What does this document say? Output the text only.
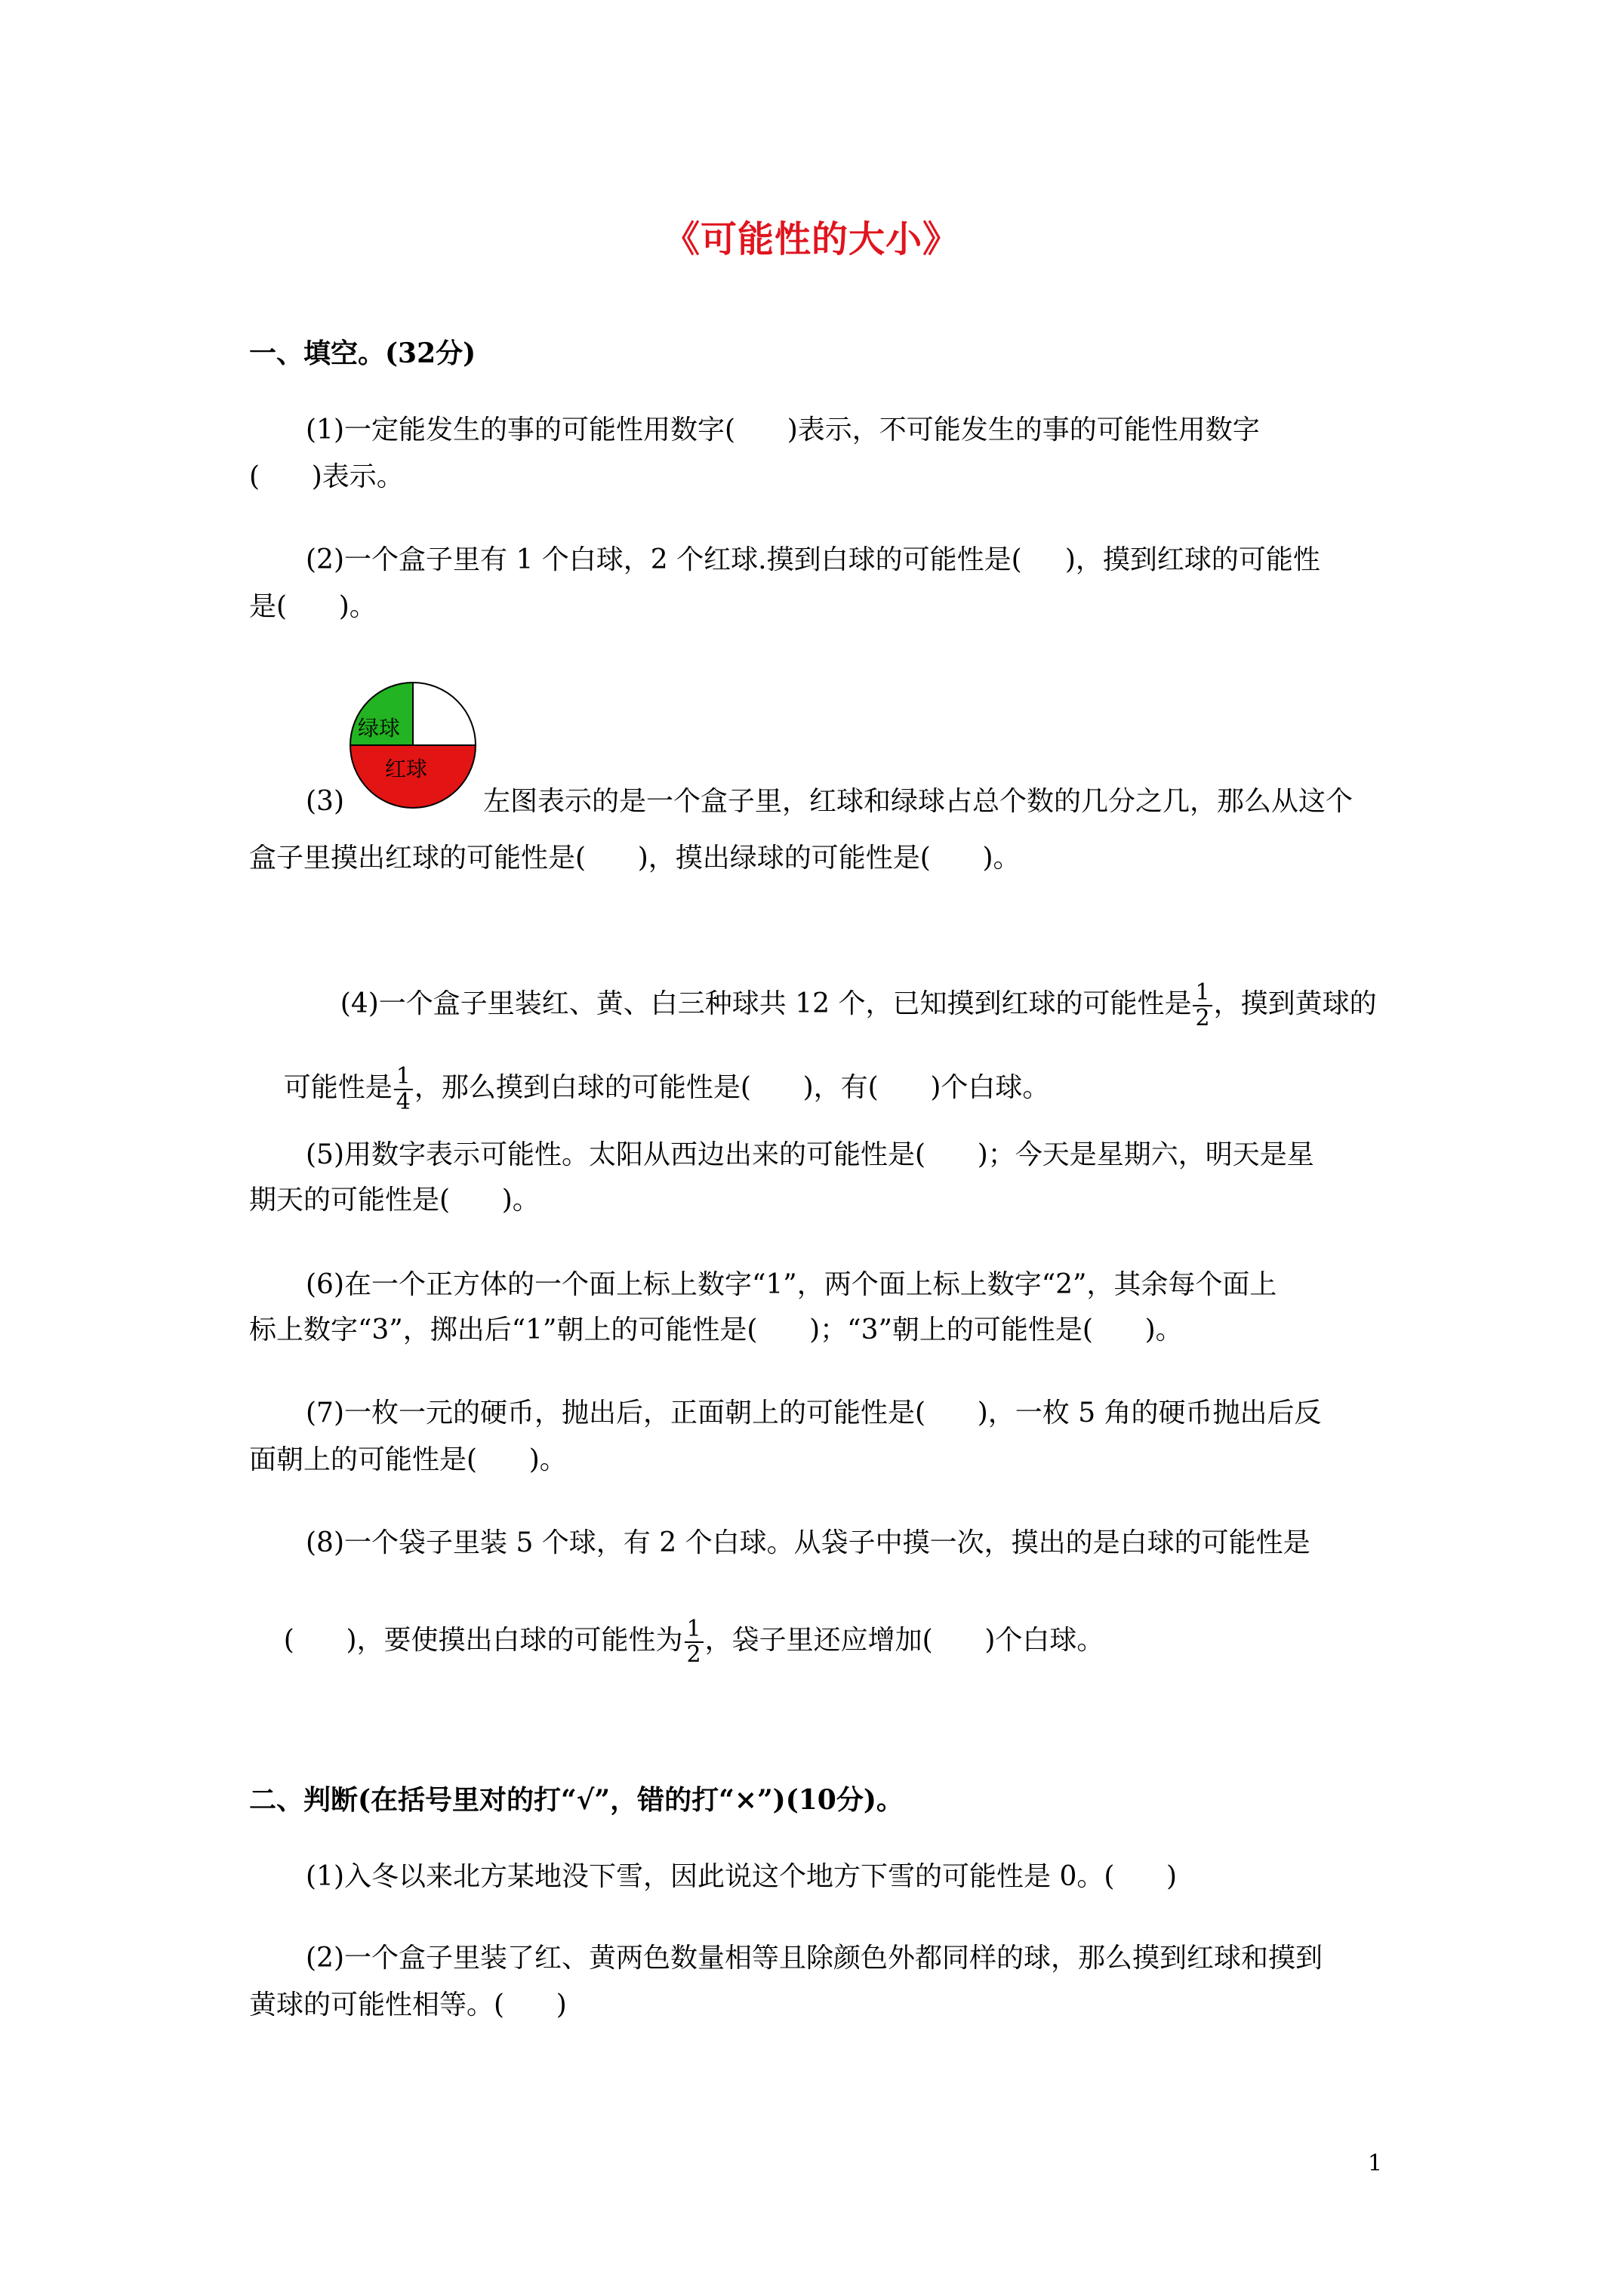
《可能性的大小》
一、填空。(32分)
(1)一定能发生的事的可能性用数字(      )表示，不可能发生的事的可能性用数字
(      )表示。
(2)一个盒子里有 1 个白球，2 个红球.摸到白球的可能性是(     )，摸到红球的可能性
是(      )。
绿球
红球
(3)	左图表示的是一个盒子里，红球和绿球占总个数的几分之几，那么从这个
盒子里摸出红球的可能性是(      )，摸出绿球的可能性是(      )。

(4)一个盒子里装红、黄、白三种球共 12 个，已知摸到红球的可能性是 $\frac{1}{2}$ ，摸到黄球的

可能性是 $\frac{1}{4}$ ，那么摸到白球的可能性是(      )，有(      )个白球。

(5)用数字表示可能性。太阳从西边出来的可能性是(      )；今天是星期六，明天是星
期天的可能性是(      )。
(6)在一个正方体的一个面上标上数字“1”，两个面上标上数字“2”，其余每个面上
标上数字“3”，掷出后“1”朝上的可能性是(      )；“3”朝上的可能性是(      )。
(7)一枚一元的硬币，抛出后，正面朝上的可能性是(      )，一枚 5 角的硬币抛出后反
面朝上的可能性是(      )。
(8)一个袋子里装 5 个球，有 2 个白球。从袋子中摸一次，摸出的是白球的可能性是

(      )，要使摸出白球的可能性为 $\frac{1}{2}$ ，袋子里还应增加(      )个白球。

二、判断(在括号里对的打“√”，错的打“×”)(10分)。
(1)入冬以来北方某地没下雪，因此说这个地方下雪的可能性是 0。(      )
(2)一个盒子里装了红、黄两色数量相等且除颜色外都同样的球，那么摸到红球和摸到
黄球的可能性相等。(      )
1
